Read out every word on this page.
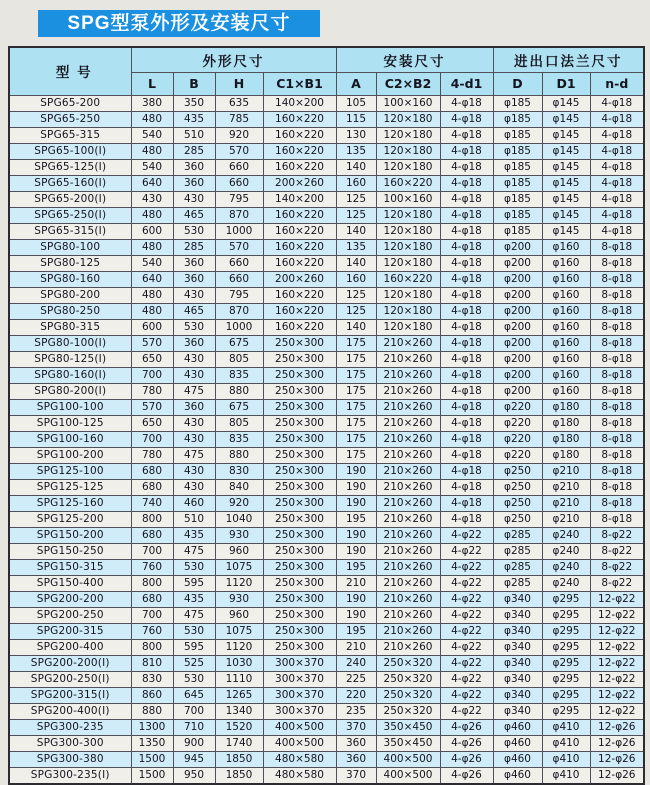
SPG型泵外形及安装尺寸
型 号	外形尺寸				安装尺寸			进出口法兰尺寸		
	L	B	H	C1×B1	A	C2×B2	4-d1	D	D1	n-d
SPG65-200	380	350	635	140×200	105	100×160	4-φ18	φ185	φ145	4-φ18
SPG65-250	480	435	785	160×220	115	120×180	4-φ18	φ185	φ145	4-φ18
SPG65-315	540	510	920	160×220	130	120×180	4-φ18	φ185	φ145	4-φ18
SPG65-100(I)	480	285	570	160×220	135	120×180	4-φ18	φ185	φ145	4-φ18
SPG65-125(I)	540	360	660	160×220	140	120×180	4-φ18	φ185	φ145	4-φ18
SPG65-160(I)	640	360	660	200×260	160	160×220	4-φ18	φ185	φ145	4-φ18
SPG65-200(I)	430	430	795	140×200	125	100×160	4-φ18	φ185	φ145	4-φ18
SPG65-250(I)	480	465	870	160×220	125	120×180	4-φ18	φ185	φ145	4-φ18
SPG65-315(I)	600	530	1000	160×220	140	120×180	4-φ18	φ185	φ145	4-φ18
SPG80-100	480	285	570	160×220	135	120×180	4-φ18	φ200	φ160	8-φ18
SPG80-125	540	360	660	160×220	140	120×180	4-φ18	φ200	φ160	8-φ18
SPG80-160	640	360	660	200×260	160	160×220	4-φ18	φ200	φ160	8-φ18
SPG80-200	480	430	795	160×220	125	120×180	4-φ18	φ200	φ160	8-φ18
SPG80-250	480	465	870	160×220	125	120×180	4-φ18	φ200	φ160	8-φ18
SPG80-315	600	530	1000	160×220	140	120×180	4-φ18	φ200	φ160	8-φ18
SPG80-100(I)	570	360	675	250×300	175	210×260	4-φ18	φ200	φ160	8-φ18
SPG80-125(I)	650	430	805	250×300	175	210×260	4-φ18	φ200	φ160	8-φ18
SPG80-160(I)	700	430	835	250×300	175	210×260	4-φ18	φ200	φ160	8-φ18
SPG80-200(I)	780	475	880	250×300	175	210×260	4-φ18	φ200	φ160	8-φ18
SPG100-100	570	360	675	250×300	175	210×260	4-φ18	φ220	φ180	8-φ18
SPG100-125	650	430	805	250×300	175	210×260	4-φ18	φ220	φ180	8-φ18
SPG100-160	700	430	835	250×300	175	210×260	4-φ18	φ220	φ180	8-φ18
SPG100-200	780	475	880	250×300	175	210×260	4-φ18	φ220	φ180	8-φ18
SPG125-100	680	430	830	250×300	190	210×260	4-φ18	φ250	φ210	8-φ18
SPG125-125	680	430	840	250×300	190	210×260	4-φ18	φ250	φ210	8-φ18
SPG125-160	740	460	920	250×300	190	210×260	4-φ18	φ250	φ210	8-φ18
SPG125-200	800	510	1040	250×300	195	210×260	4-φ18	φ250	φ210	8-φ18
SPG150-200	680	435	930	250×300	190	210×260	4-φ22	φ285	φ240	8-φ22
SPG150-250	700	475	960	250×300	190	210×260	4-φ22	φ285	φ240	8-φ22
SPG150-315	760	530	1075	250×300	195	210×260	4-φ22	φ285	φ240	8-φ22
SPG150-400	800	595	1120	250×300	210	210×260	4-φ22	φ285	φ240	8-φ22
SPG200-200	680	435	930	250×300	190	210×260	4-φ22	φ340	φ295	12-φ22
SPG200-250	700	475	960	250×300	190	210×260	4-φ22	φ340	φ295	12-φ22
SPG200-315	760	530	1075	250×300	195	210×260	4-φ22	φ340	φ295	12-φ22
SPG200-400	800	595	1120	250×300	210	210×260	4-φ22	φ340	φ295	12-φ22
SPG200-200(I)	810	525	1030	300×370	240	250×320	4-φ22	φ340	φ295	12-φ22
SPG200-250(I)	830	530	1110	300×370	225	250×320	4-φ22	φ340	φ295	12-φ22
SPG200-315(I)	860	645	1265	300×370	220	250×320	4-φ22	φ340	φ295	12-φ22
SPG200-400(I)	880	700	1340	300×370	235	250×320	4-φ22	φ340	φ295	12-φ22
SPG300-235	1300	710	1520	400×500	370	350×450	4-φ26	φ460	φ410	12-φ26
SPG300-300	1350	900	1740	400×500	360	350×450	4-φ26	φ460	φ410	12-φ26
SPG300-380	1500	945	1850	480×580	360	400×500	4-φ26	φ460	φ410	12-φ26
SPG300-235(I)	1500	950	1850	480×580	370	400×500	4-φ26	φ460	φ410	12-φ26
